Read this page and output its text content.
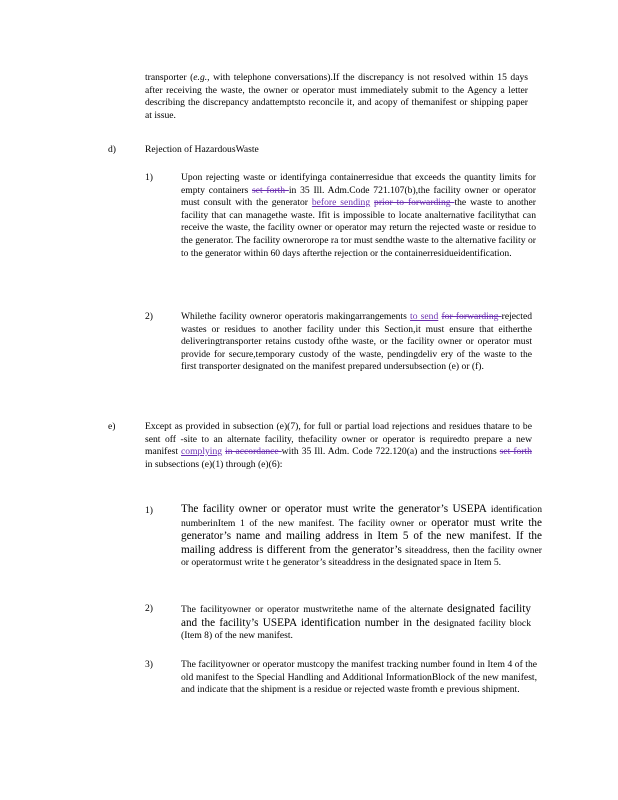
transporter (e.g., with telephone conversations).If the discrepancy is not resolved within 15 days after receiving the waste, the owner or operator must immediately submit to the Agency a letter describing the discrepancy andattemptsto reconcile it, and acopy of themanifest or shipping paper at issue.

d)	Rejection of HazardousWaste
1)	Upon rejecting waste or identifyinga containerresidue that exceeds the quantity limits for empty containers set forth in 35 Ill. Adm.Code 721.107(b),the facility owner or operator must consult with the generator before sending prior to forwarding the waste to another facility that can managethe waste. Ifit is impossible to locate analternative facilitythat can receive the waste, the facility owner or operator may return the rejected waste or residue to the generator. The facility ownerorope ra tor must sendthe waste to the alternative facility or to the generator within 60 days afterthe rejection or the containerresidueidentification.

2)	Whilethe facility owneror operatoris makingarrangements to send for forwarding rejected wastes or residues to another facility under this Section,it must ensure that eitherthe deliveringtransporter retains custody ofthe waste, or the facility owner or operator must provide for secure,temporary custody of the waste, pendingdeliv ery of the waste to the first transporter designated on the manifest prepared undersubsection (e) or (f).

e)	Except as provided in subsection (e)(7), for full or partial load rejections and residues thatare to be sent off -site to an alternate facility, thefacility owner or operator is requiredto prepare a new manifest complying in accordance with 35 Ill. Adm. Code 722.120(a) and the instructions set forth in subsections (e)(1) through (e)(6):

1)	The facility owner or operator must write the generator’s USEPA identification numberinItem 1 of the new manifest. The facility owner or operator must write the generator’s name and mailing address in Item 5 of the new manifest. If the mailing address is different from the generator’s siteaddress, then the facility owner or operatormust write t he generator’s siteaddress in the designated space in Item 5.

2)	The facilityowner or operator mustwritethe name of the alternate designated facility and the facility’s USEPA identification number in the designated facility block (Item 8) of the new manifest.

3)	The facilityowner or operator mustcopy the manifest tracking number found in Item 4 of the old manifest to the Special Handling and Additional InformationBlock of the new manifest, and indicate that the shipment is a residue or rejected waste fromth e previous shipment.
